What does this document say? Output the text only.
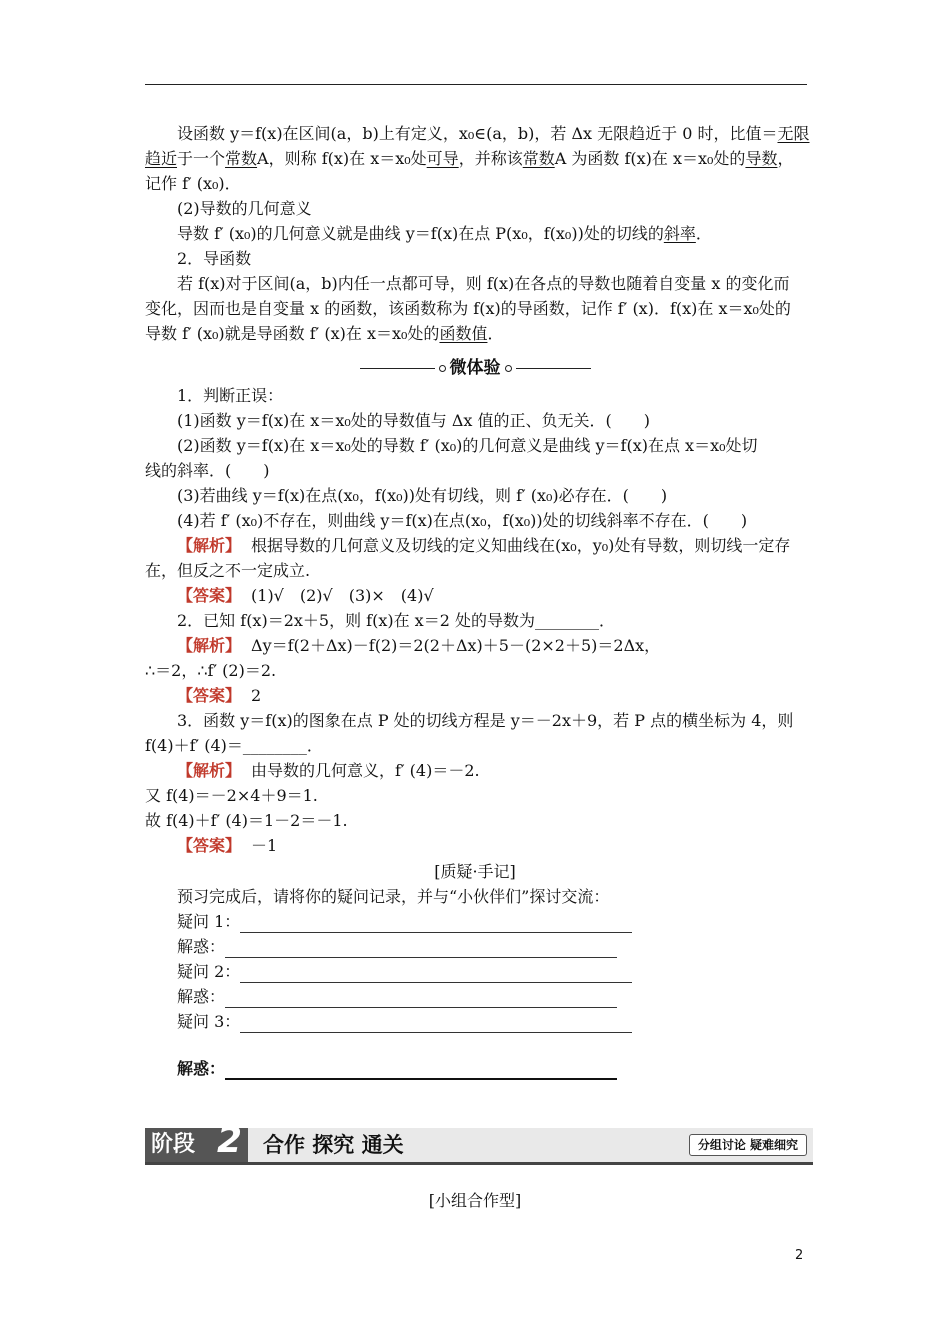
设函数 y＝f(x)在区间(a，b)上有定义，x₀∈(a，b)，若 Δx 无限趋近于 0 时，比值＝无限
趋近于一个常数A，则称 f(x)在 x＝x₀处可导，并称该常数A 为函数 f(x)在 x＝x₀处的导数，
记作 f′ (x₀)．
(2)导数的几何意义
导数 f′ (x₀)的几何意义就是曲线 y＝f(x)在点 P(x₀，f(x₀))处的切线的斜率．
2．导函数
若 f(x)对于区间(a，b)内任一点都可导，则 f(x)在各点的导数也随着自变量 x 的变化而
变化，因而也是自变量 x 的函数，该函数称为 f(x)的导函数，记作 f′ (x)．f(x)在 x＝x₀处的
导数 f′ (x₀)就是导函数 f′ (x)在 x＝x₀处的函数值．
微体验
1．判断正误：
(1)函数 y＝f(x)在 x＝x₀处的导数值与 Δx 值的正、负无关．(　　)
(2)函数 y＝f(x)在 x＝x₀处的导数 f′ (x₀)的几何意义是曲线 y＝f(x)在点 x＝x₀处切
线的斜率．(　　)
(3)若曲线 y＝f(x)在点(x₀，f(x₀))处有切线，则 f′ (x₀)必存在．(　　)
(4)若 f′ (x₀)不存在，则曲线 y＝f(x)在点(x₀，f(x₀))处的切线斜率不存在．(　　)
【解析】 根据导数的几何意义及切线的定义知曲线在(x₀，y₀)处有导数，则切线一定存
在，但反之不一定成立.
【答案】 (1)√　(2)√　(3)×　(4)√
2．已知 f(x)＝2x＋5，则 f(x)在 x＝2 处的导数为________．
【解析】 Δy＝f(2＋Δx)－f(2)＝2(2＋Δx)＋5－(2×2＋5)＝2Δx，
∴＝2，∴f′ (2)＝2.
【答案】 2
3．函数 y＝f(x)的图象在点 P 处的切线方程是 y＝－2x＋9，若 P 点的横坐标为 4，则
f(4)＋f′ (4)＝________．
【解析】 由导数的几何意义，f′ (4)＝－2.
又 f(4)＝－2×4＋9＝1.
故 f(4)＋f′ (4)＝1－2＝－1.
【答案】 －1
[质疑·手记]
预习完成后，请将你的疑问记录，并与“小伙伴们”探讨交流：
疑问 1：
解惑：
疑问 2：
解惑：
疑问 3：
解惑：
阶段 2 合作 探究 通关	分组讨论 疑难细究
[小组合作型]
2
